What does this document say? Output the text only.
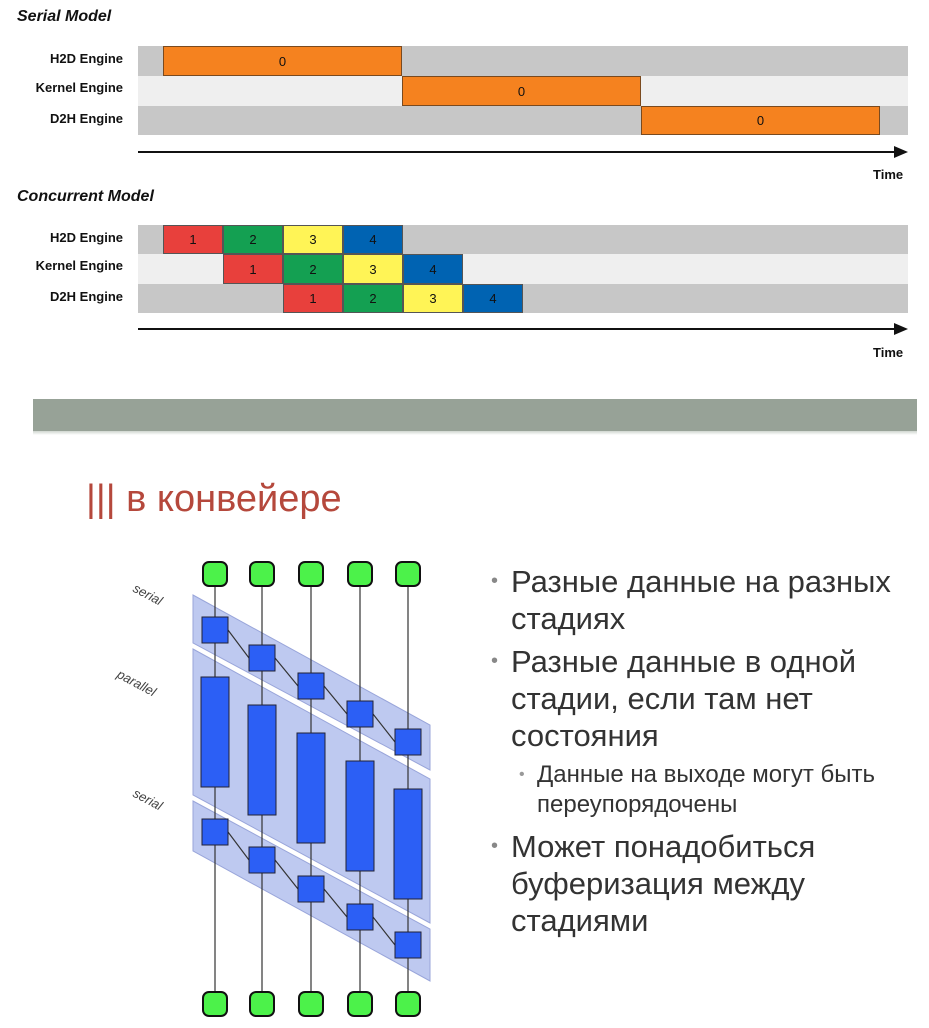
Serial Model
H2D Engine
Kernel Engine
D2H Engine
0
0
0
Time
Concurrent Model
H2D Engine
Kernel Engine
D2H Engine
1	2	3	4
1	2	3	4
1	2	3	4
Time
||| в конвейере
serial
parallel
serial
• Разные данные на разных стадиях
• Разные данные в одной стадии, если там нет состояния
• Данные на выходе могут быть переупорядочены
• Может понадобиться буферизация между стадиями
